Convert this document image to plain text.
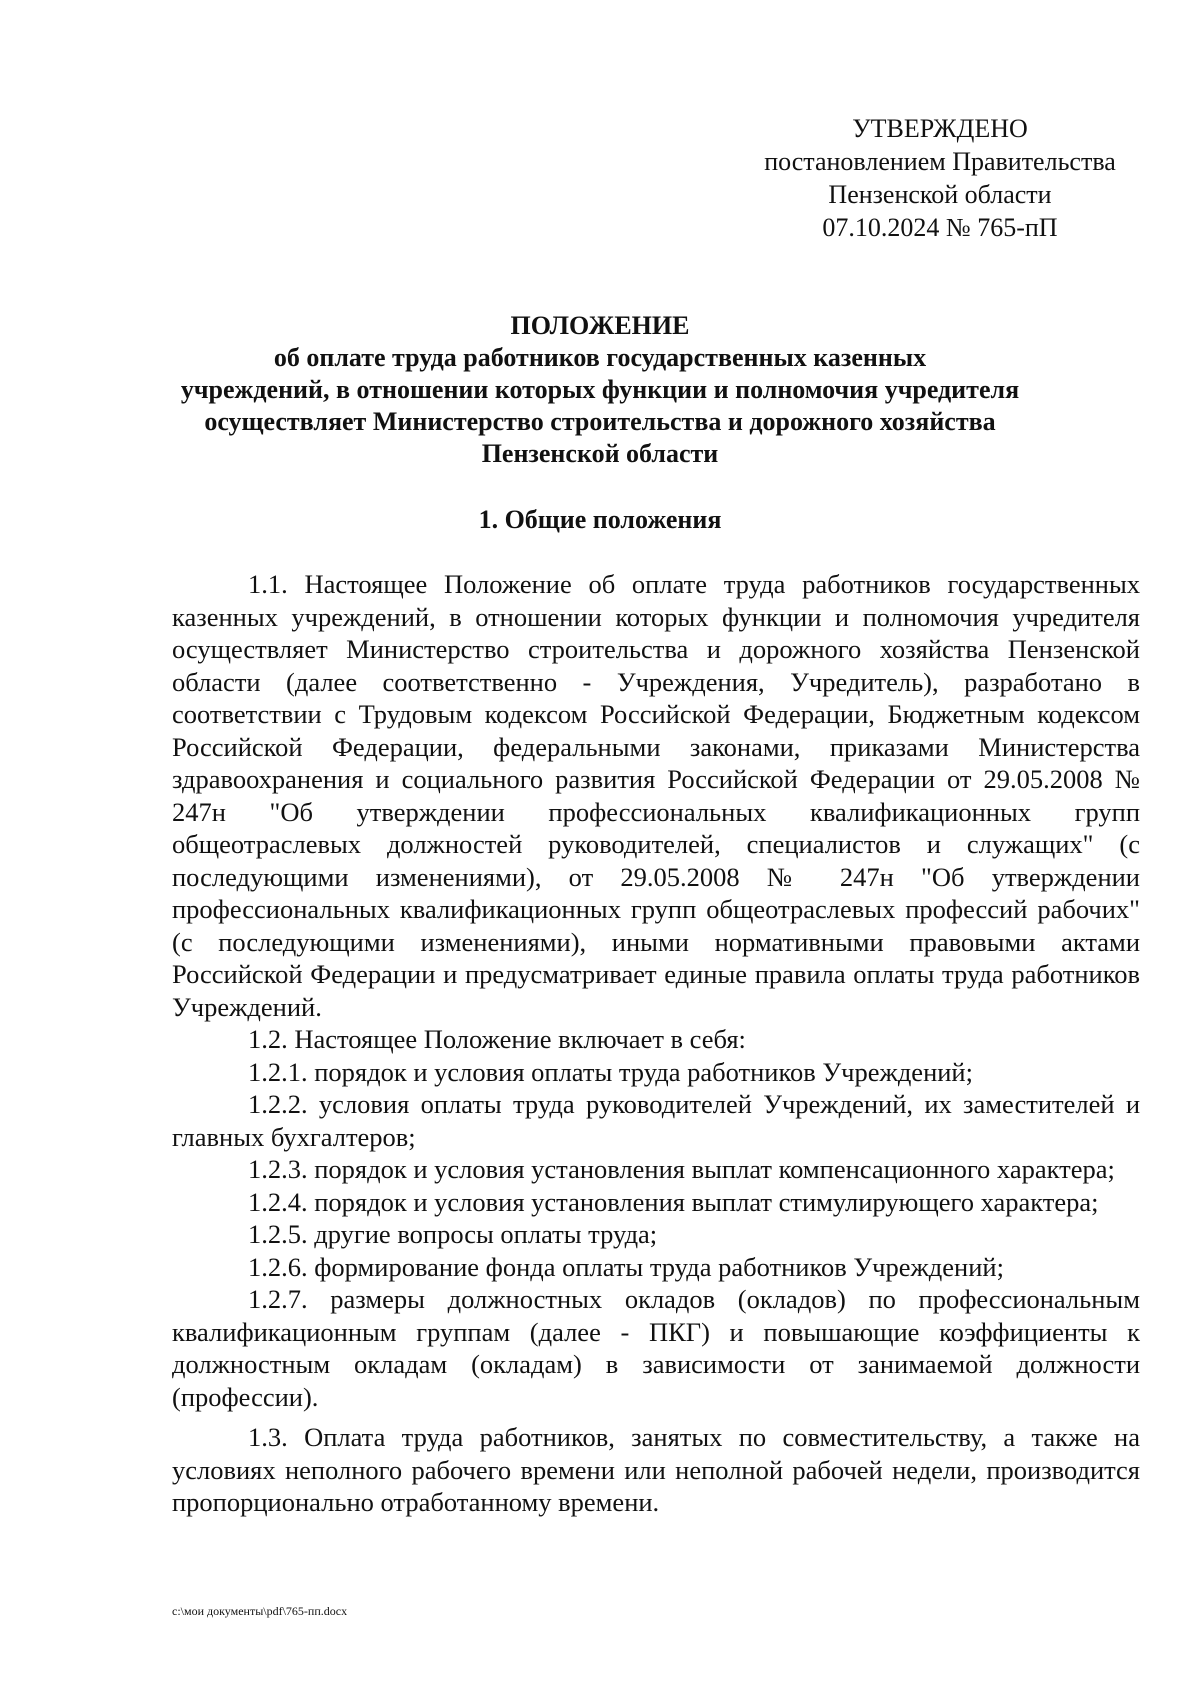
УТВЕРЖДЕНО
постановлением Правительства
Пензенской области
07.10.2024 № 765-пП
ПОЛОЖЕНИЕ
об оплате труда работников государственных казенных
учреждений, в отношении которых функции и полномочия учредителя
осуществляет Министерство строительства и дорожного хозяйства
Пензенской области
1. Общие положения

1.1. Настоящее Положение об оплате труда работников государственных казенных учреждений, в отношении которых функции и полномочия учредителя осуществляет Министерство строительства и дорожного хозяйства Пензенской области (далее соответственно - Учреждения, Учредитель), разработано в соответствии с Трудовым кодексом Российской Федерации, Бюджетным кодексом Российской Федерации, федеральными законами, приказами Министерства здравоохранения и социального развития Российской Федерации от 29.05.2008 № 247н "Об утверждении профессиональных квалификационных групп общеотраслевых должностей руководителей, специалистов и служащих" (с последующими изменениями), от 29.05.2008 № 247н "Об утверждении профессиональных квалификационных групп общеотраслевых профессий рабочих" (с последующими изменениями), иными нормативными правовыми актами Российской Федерации и предусматривает единые правила оплаты труда работников Учреждений.

1.2. Настоящее Положение включает в себя:

1.2.1. порядок и условия оплаты труда работников Учреждений;

1.2.2. условия оплаты труда руководителей Учреждений, их заместителей и главных бухгалтеров;

1.2.3. порядок и условия установления выплат компенсационного характера;

1.2.4. порядок и условия установления выплат стимулирующего характера;

1.2.5. другие вопросы оплаты труда;

1.2.6. формирование фонда оплаты труда работников Учреждений;

1.2.7. размеры должностных окладов (окладов) по профессиональным квалификационным группам (далее - ПКГ) и повышающие коэффициенты к должностным окладам (окладам) в зависимости от занимаемой должности (профессии).

1.3. Оплата труда работников, занятых по совместительству, а также на условиях неполного рабочего времени или неполной рабочей недели, производится пропорционально отработанному времени.

c:\мои документы\pdf\765-пп.docx
